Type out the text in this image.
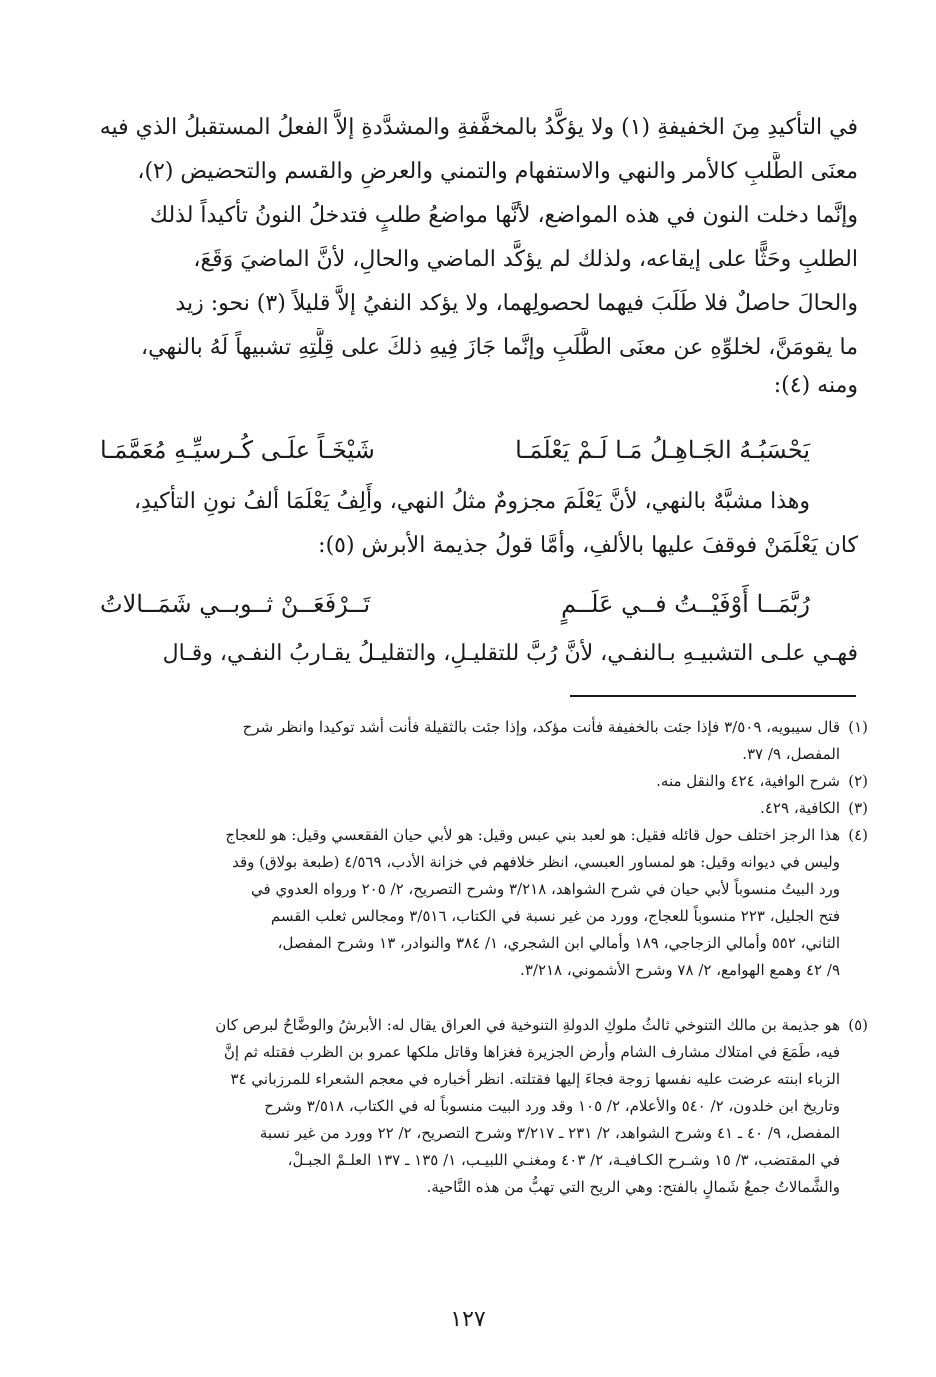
في التأكيدِ مِنَ الخفيفةِ (١) ولا يؤكَّدُ بالمخفَّفةِ والمشدَّدةِ إلاَّ الفعلُ المستقبلُ الذي فيه
معنَى الطَّلبِ كالأمر والنهي والاستفهام والتمني والعرضِ والقسم والتحضيض (٢)،
وإنَّما دخلت النون في هذه المواضع، لأنَّها مواضعُ طلبٍ فتدخلُ النونُ تأكيداً لذلك
الطلبِ وحَثًّا على إيقاعه، ولذلك لم يؤكَّد الماضي والحالِ، لأنَّ الماضيَ وَقَعَ،
والحالَ حاصلٌ فلا طَلَبَ فيهما لحصولِهما، ولا يؤكد النفيُ إلاَّ قليلاً (٣) نحو: زيد
ما يقومَنَّ، لخلوِّهِ عن معنَى الطَّلَبِ وإنَّما جَازَ فِيهِ ذلكَ على قِلَّتِهِ تشبيهاً لَهُ بالنهي،
ومنه (٤):
يَحْسَبُـهُ الجَـاهِـلُ مَـا لَـمْ يَعْلَمَـا
شَيْخَـاً علَـى كُـرسيِّـهِ مُعَمَّمَـا
وهذا مشبَّهٌ بالنهي، لأنَّ يَعْلَمَ مجزومٌ مثلُ النهي، وأَلِفُ يَعْلَمَا ألفُ نونِ التأكيدِ،
كان يَعْلَمَنْ فوقفَ عليها بالألفِ، وأمَّا قولُ جذيمة الأبرش (٥):
رُبَّمَــا أَوْفَيْــتُ فــي عَلَــمٍ
تَــرْفَعَــنْ ثــوبــي شَمَــالاتُ
فهـي علـى التشبيـهِ بـالنفـي، لأنَّ رُبَّ للتقليـلِ، والتقليـلُ يقـاربُ النفـي، وقـال
(١)قال سيبويه، ٣/٥٠٩ فإذا جئت بالخفيفة فأنت مؤكد، وإذا جئت بالثقيلة فأنت أشد توكيدا وانظر شرح
المفصل، ٩/ ٣٧.
(٢)شرح الوافية، ٤٢٤ والنقل منه.
(٣)الكافية، ٤٢٩.
(٤)هذا الرجز اختلف حول قائله فقيل: هو لعبد بني عبس وقيل: هو لأبي حيان الفقعسي وقيل: هو للعجاج
وليس في ديوانه وقيل: هو لمساور العبسي، انظر خلافهم في خزانة الأدب، ٤/٥٦٩ (طبعة بولاق) وقد
ورد البيتُ منسوباً لأبي حيان في شرح الشواهد، ٣/٢١٨ وشرح التصريح، ٢/ ٢٠٥ ورواه العدوي في
فتح الجليل، ٢٢٣ منسوباً للعجاج، وورد من غير نسبة في الكتاب، ٣/٥١٦ ومجالس ثعلب القسم
الثاني، ٥٥٢ وأمالي الزجاجي، ١٨٩ وأمالي ابن الشجري، ١/ ٣٨٤ والنوادر، ١٣ وشرح المفصل،
٩/ ٤٢ وهمع الهوامع، ٢/ ٧٨ وشرح الأشموني، ٣/٢١٨.
(٥)هو جذيمة بن مالك التنوخي ثالثُ ملوكِ الدولةِ التنوخية في العراق يقال له: الأبرشُ والوضَّاحُ لبرص كان
فيه، طَمَعَ في امتلاك مشارف الشام وأرض الجزيرة فغزاها وقاتل ملكها عمرو بن الظرب فقتله ثم إنَّ
الزباء ابنته عرضت عليه نفسها زوجة فجاءَ إليها فقتلته. انظر أخباره في معجم الشعراء للمرزباني ٣٤
وتاريخ ابن خلدون، ٢/ ٥٤٠ والأعلام، ٢/ ١٠٥ وقد ورد البيت منسوباً له في الكتاب، ٣/٥١٨ وشرح
المفصل، ٩/ ٤٠ ـ ٤١ وشرح الشواهد، ٢/ ٢٣١ ـ ٣/٢١٧ وشرح التصريح، ٢/ ٢٢ وورد من غير نسبة
في المقتضب، ٣/ ١٥ وشـرح الكـافيـة، ٢/ ٤٠٣ ومغنـي اللبيـب، ١/ ١٣٥ ـ ١٣٧ العلـمْ الجبـلْ،
والشَّمالاتُ جمعُ شَمالٍ بالفتح: وهي الريح التي تهبُّ من هذه النَّاحية.
١٢٧
